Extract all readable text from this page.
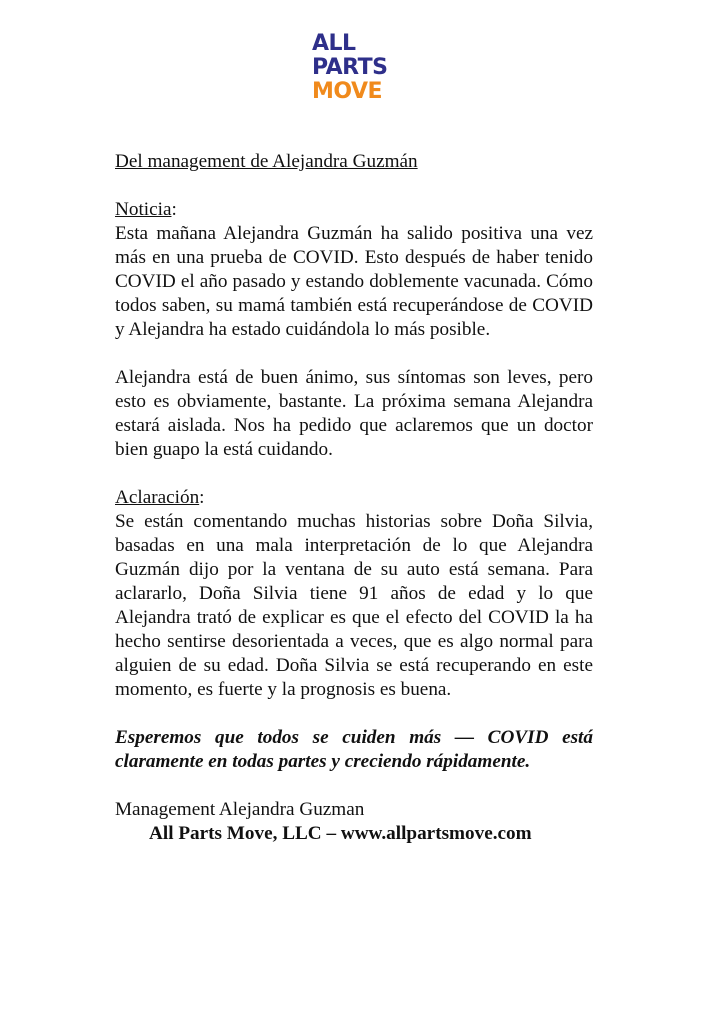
ALL
PARTS
MOVE

Del management de Alejandra Guzmán

Noticia:

Esta mañana Alejandra Guzmán ha salido positiva una vez más en una prueba de COVID. Esto después de haber tenido COVID el año pasado y estando doblemente vacunada. Cómo todos saben, su mamá también está recuperándose de COVID y Alejandra ha estado cuidándola lo más posible.

Alejandra está de buen ánimo, sus síntomas son leves, pero esto es obviamente, bastante. La próxima semana Alejandra estará aislada. Nos ha pedido que aclaremos que un doctor bien guapo la está cuidando.

Aclaración:

Se están comentando muchas historias sobre Doña Silvia, basadas en una mala interpretación de lo que Alejandra Guzmán dijo por la ventana de su auto está semana. Para aclararlo, Doña Silvia tiene 91 años de edad y lo que Alejandra trató de explicar es que el efecto del COVID la ha hecho sentirse desorientada a veces, que es algo normal para alguien de su edad. Doña Silvia se está recuperando en este momento, es fuerte y la prognosis es buena.

Esperemos que todos se cuiden más — COVID está claramente en todas partes y creciendo rápidamente.

Management Alejandra Guzman

All Parts Move, LLC – www.allpartsmove.com
